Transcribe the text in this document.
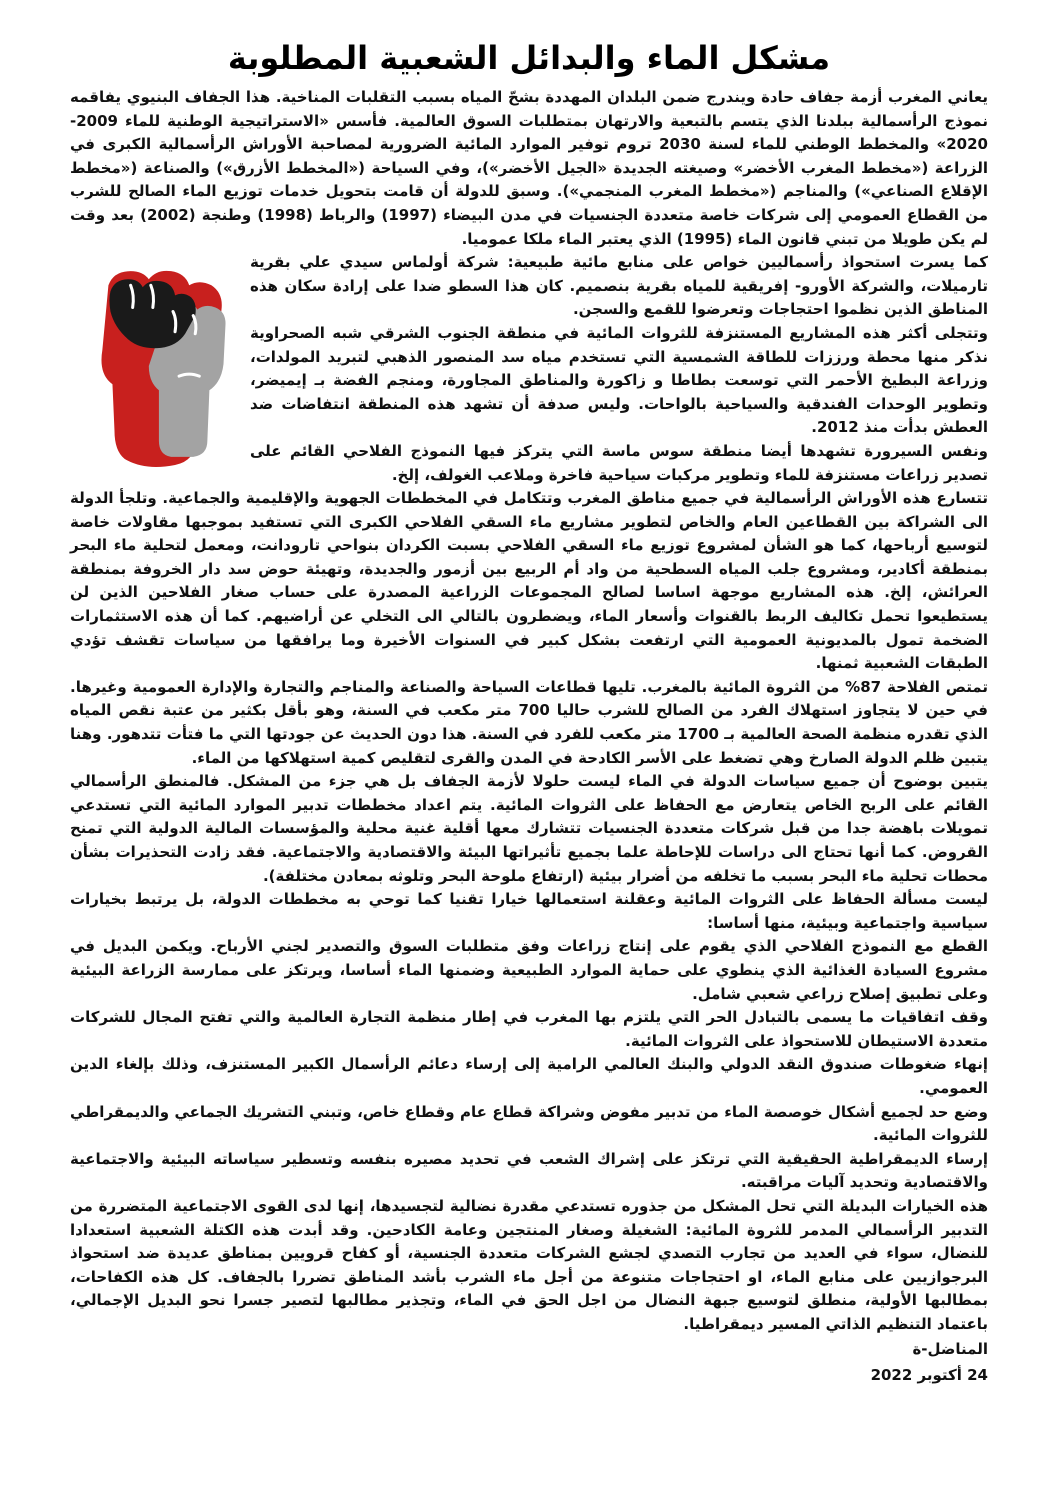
مشكل الماء والبدائل الشعبية المطلوبة

يعاني المغرب أزمة جفاف حادة ويندرج ضمن البلدان المهددة بشحّ المياه بسبب التقلبات المناخية. هذا الجفاف البنيوي يفاقمه نموذج الرأسمالية ببلدنا الذي يتسم بالتبعية والارتهان بمتطلبات السوق العالمية. فأسس «الاستراتيجية الوطنية للماء 2009-2020» والمخطط الوطني للماء لسنة 2030 تروم توفير الموارد المائية الضرورية لمصاحبة الأوراش الرأسمالية الكبرى في الزراعة («مخطط المغرب الأخضر» وصيغته الجديدة «الجيل الأخضر»)، وفي السياحة («المخطط الأزرق») والصناعة («مخطط الإقلاع الصناعي») والمناجم («مخطط المغرب المنجمي»). وسبق للدولة أن قامت بتحويل خدمات توزيع الماء الصالح للشرب من القطاع العمومي إلى شركات خاصة متعددة الجنسيات في مدن البيضاء (1997) والرباط (1998) وطنجة (2002) بعد وقت لم يكن طويلا من تبني قانون الماء (1995) الذي يعتبر الماء ملكا عموميا.

كما يسرت استحواذ رأسماليين خواص على منابع مائية طبيعية: شركة أولماس سيدي علي بقرية تارميلات، والشركة الأورو- إفريقية للمياه بقرية بنصميم. كان هذا السطو ضدا على إرادة سكان هذه المناطق الذين نظموا احتجاجات وتعرضوا للقمع والسجن.

وتتجلى أكثر هذه المشاريع المستنزفة للثروات المائية في منطقة الجنوب الشرقي شبه الصحراوية نذكر منها محطة ورززات للطاقة الشمسية التي تستخدم مياه سد المنصور الذهبي لتبريد المولدات، وزراعة البطيخ الأحمر التي توسعت بطاطا و زاكورة والمناطق المجاورة، ومنجم الفضة بـ إيميضر، وتطوير الوحدات الفندقية والسياحية بالواحات. وليس صدفة أن تشهد هذه المنطقة انتفاضات ضد العطش بدأت منذ 2012.

ونفس السيرورة تشهدها أيضا منطقة سوس ماسة التي يتركز فيها النموذج الفلاحي القائم على تصدير زراعات مستنزفة للماء وتطوير مركبات سياحية فاخرة وملاعب الغولف، إلخ.

تتسارع هذه الأوراش الرأسمالية في جميع مناطق المغرب وتتكامل في المخططات الجهوية والإقليمية والجماعية. وتلجأ الدولة الى الشراكة بين القطاعين العام والخاص لتطوير مشاريع ماء السقي الفلاحي الكبرى التي تستفيد بموجبها مقاولات خاصة لتوسيع أرباحها، كما هو الشأن لمشروع توزيع ماء السقي الفلاحي بسبت الكردان بنواحي تارودانت، ومعمل لتحلية ماء البحر بمنطقة أكادير، ومشروع جلب المياه السطحية من واد أم الربيع بين أزمور والجديدة، وتهيئة حوض سد دار الخروفة بمنطقة العرائش، إلخ. هذه المشاريع موجهة اساسا لصالح المجموعات الزراعية المصدرة على حساب صغار الفلاحين الذين لن يستطيعوا تحمل تكاليف الربط بالقنوات وأسعار الماء، ويضطرون بالتالي الى التخلي عن أراضيهم. كما أن هذه الاستثمارات الضخمة تمول بالمديونية العمومية التي ارتفعت بشكل كبير في السنوات الأخيرة وما يرافقها من سياسات تقشف تؤدي الطبقات الشعبية ثمنها.

تمتص الفلاحة 87% من الثروة المائية بالمغرب. تليها قطاعات السياحة والصناعة والمناجم والتجارة والإدارة العمومية وغيرها. في حين لا يتجاوز استهلاك الفرد من الصالح للشرب حاليا 700 متر مكعب في السنة، وهو بأقل بكثير من عتبة نقص المياه الذي تقدره منظمة الصحة العالمية بـ 1700 متر مكعب للفرد في السنة. هذا دون الحديث عن جودتها التي ما فتأت تتدهور. وهنا يتبين ظلم الدولة الصارخ وهي تضغط على الأسر الكادحة في المدن والقرى لتقليص كمية استهلاكها من الماء.

يتبين بوضوح أن جميع سياسات الدولة في الماء ليست حلولا لأزمة الجفاف بل هي جزء من المشكل. فالمنطق الرأسمالي القائم على الربح الخاص يتعارض مع الحفاظ على الثروات المائية. يتم اعداد مخططات تدبير الموارد المائية التي تستدعي تمويلات باهضة جدا من قبل شركات متعددة الجنسيات تتشارك معها أقلية غنية محلية والمؤسسات المالية الدولية التي تمنح القروض. كما أنها تحتاج الى دراسات للإحاطة علما بجميع تأثيراتها البيئة والاقتصادية والاجتماعية. فقد زادت التحذيرات بشأن محطات تحلية ماء البحر بسبب ما تخلفه من أضرار بيئية (ارتفاع ملوحة البحر وتلوثه بمعادن مختلفة).

ليست مسألة الحفاظ على الثروات المائية وعقلنة استعمالها خيارا تقنيا كما توحي به مخططات الدولة، بل يرتبط بخيارات سياسية واجتماعية وبيئية، منها أساسا:

القطع مع النموذج الفلاحي الذي يقوم على إنتاج زراعات وفق متطلبات السوق والتصدير لجني الأرباح. ويكمن البديل في مشروع السيادة الغذائية الذي ينطوي على حماية الموارد الطبيعية وضمنها الماء أساسا، ويرتكز على ممارسة الزراعة البيئية وعلى تطبيق إصلاح زراعي شعبي شامل.

وقف اتفاقيات ما يسمى بالتبادل الحر التي يلتزم بها المغرب في إطار منظمة التجارة العالمية والتي تفتح المجال للشركات متعددة الاستيطان للاستحواذ على الثروات المائية.

إنهاء ضغوطات صندوق النقد الدولي والبنك العالمي الرامية إلى إرساء دعائم الرأسمال الكبير المستنزف، وذلك بإلغاء الدين العمومي.

وضع حد لجميع أشكال خوصصة الماء من تدبير مفوض وشراكة قطاع عام وقطاع خاص، وتبني التشريك الجماعي والديمقراطي للثروات المائية.

إرساء الديمقراطية الحقيقية التي ترتكز على إشراك الشعب في تحديد مصيره بنفسه وتسطير سياساته البيئية والاجتماعية والاقتصادية وتحديد آليات مراقبته.

هذه الخيارات البديلة التي تحل المشكل من جذوره تستدعي مقدرة نضالية لتجسيدها، إنها لدى القوى الاجتماعية المتضررة من التدبير الرأسمالي المدمر للثروة المائية: الشغيلة وصغار المنتجين وعامة الكادحين. وقد أبدت هذه الكتلة الشعبية استعدادا للنضال، سواء في العديد من تجارب التصدي لجشع الشركات متعددة الجنسية، أو كفاح قرويين بمناطق عديدة ضد استحواذ البرجوازيين على منابع الماء، او احتجاجات متنوعة من أجل ماء الشرب بأشد المناطق تضررا بالجفاف. كل هذه الكفاحات، بمطالبها الأولية، منطلق لتوسيع جبهة النضال من اجل الحق في الماء، وتجذير مطالبها لتصير جسرا نحو البديل الإجمالي، باعتماد التنظيم الذاتي المسير ديمقراطيا.

المناضل-ة

24 أكتوبر 2022
